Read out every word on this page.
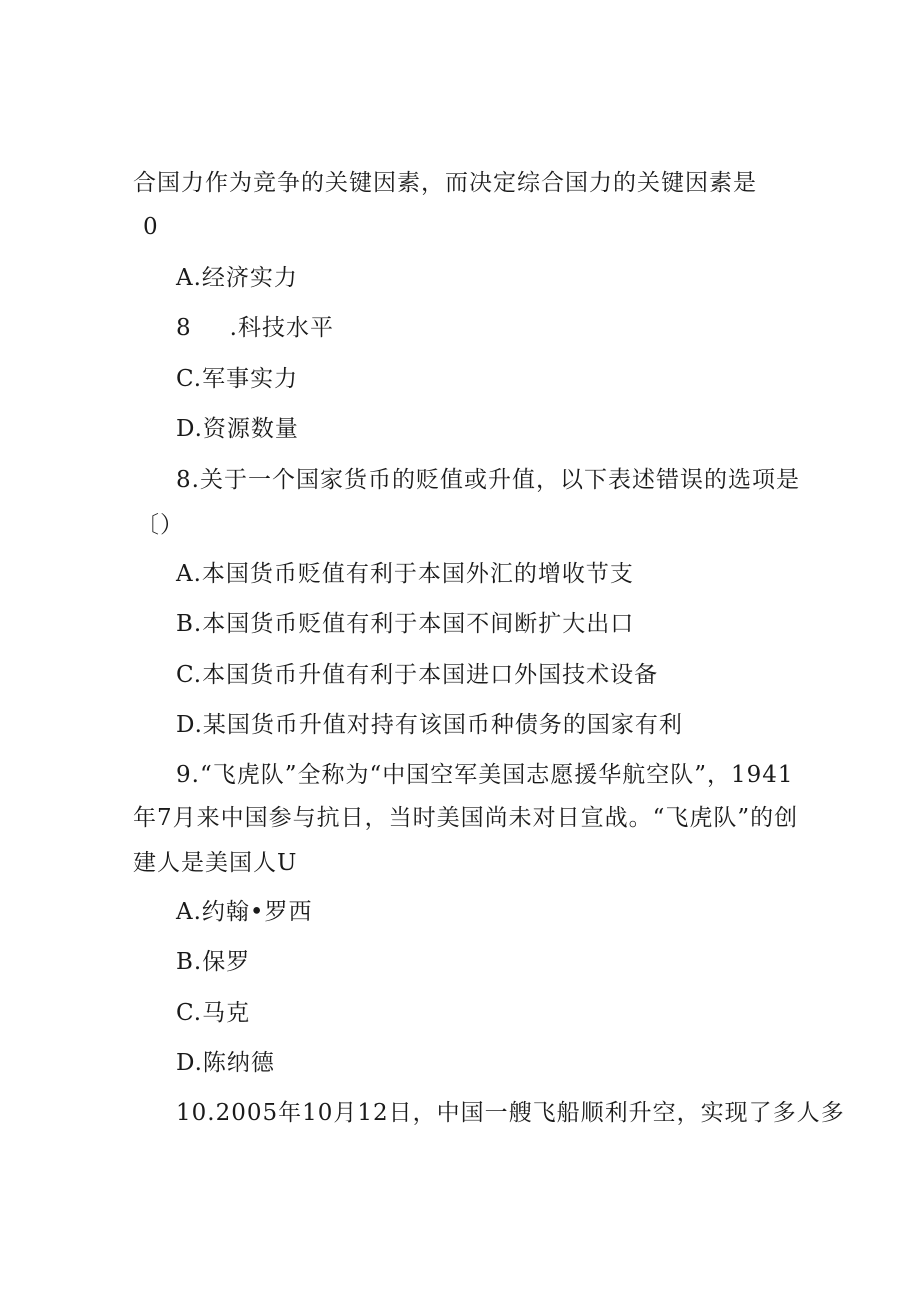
合国力作为竞争的关键因素，而决定综合国力的关键因素是
0
A.经济实力
8 .科技水平
C.军事实力
D.资源数量
8.关于一个国家货币的贬值或升值，以下表述错误的选项是
〔）
A.本国货币贬值有利于本国外汇的增收节支
B.本国货币贬值有利于本国不间断扩大出口
C.本国货币升值有利于本国进口外国技术设备
D.某国货币升值对持有该国币种债务的国家有利
9.“飞虎队”全称为“中国空军美国志愿援华航空队”，1941
年7月来中国参与抗日，当时美国尚未对日宣战。“飞虎队”的创
建人是美国人U
A.约翰•罗西
B.保罗
C.马克
D.陈纳德
10.2005年10月12日，中国一艘飞船顺利升空，实现了多人多
